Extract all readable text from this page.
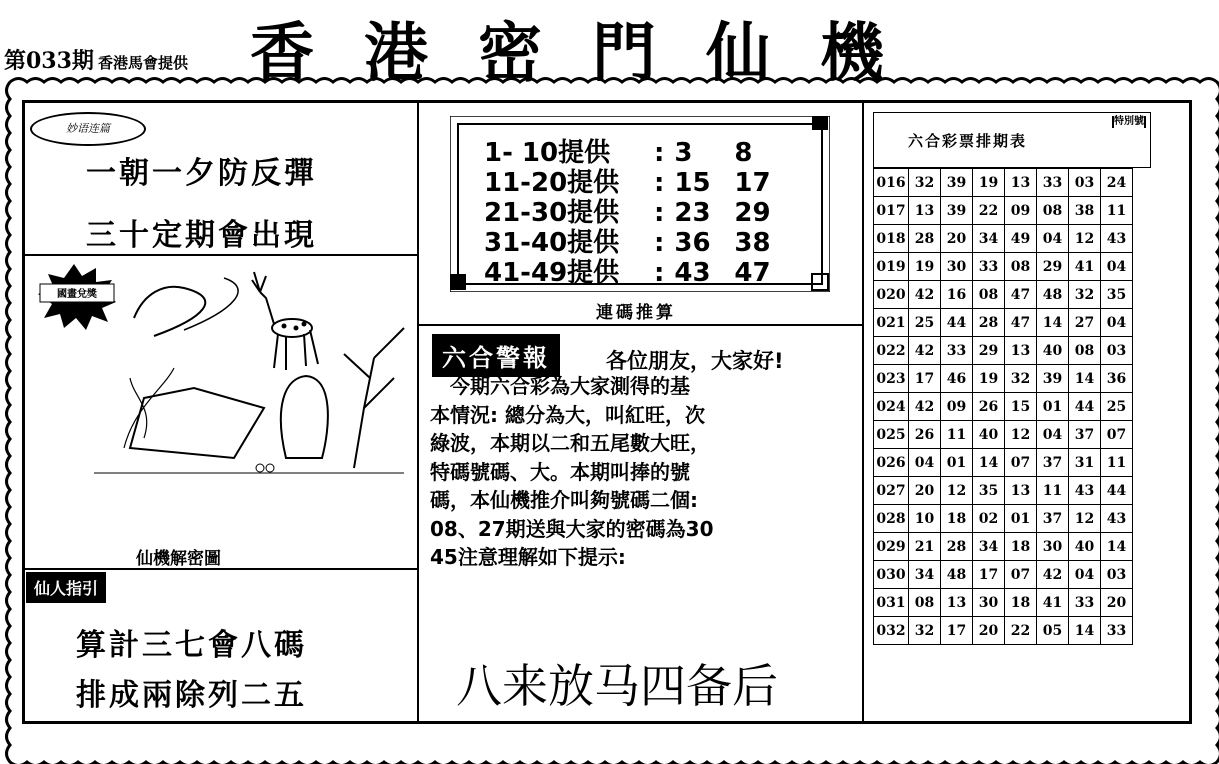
第033期 香港馬會提供 香港密門仙機
妙语连篇
一朝一夕防反彈
三十定期會出現
國畫兌獎
仙機解密圖
仙人指引
算計三七會八碼
排成兩除列二五
1- 10提供 : 3 8
11-20提供 : 15 17
21-30提供 : 23 29
31-40提供 : 36 38
41-49提供 : 43 47
連碼推算
六合警報	各位朋友，大家好!
　今期六合彩為大家測得的基
本情況: 總分為大，叫紅旺，次
綠波，本期以二和五尾數大旺，
特碼號碼、大。本期叫捧的號
碼，本仙機推介叫夠號碼二個:
08、27期送與大家的密碼為30
45注意理解如下提示:
八来放马四备后
六合彩票排期表
特別號
016	32	39	19	13	33	03	24
017	13	39	22	09	08	38	11
018	28	20	34	49	04	12	43
019	19	30	33	08	29	41	04
020	42	16	08	47	48	32	35
021	25	44	28	47	14	27	04
022	42	33	29	13	40	08	03
023	17	46	19	32	39	14	36
024	42	09	26	15	01	44	25
025	26	11	40	12	04	37	07
026	04	01	14	07	37	31	11
027	20	12	35	13	11	43	44
028	10	18	02	01	37	12	43
029	21	28	34	18	30	40	14
030	34	48	17	07	42	04	03
031	08	13	30	18	41	33	20
032	32	17	20	22	05	14	33
